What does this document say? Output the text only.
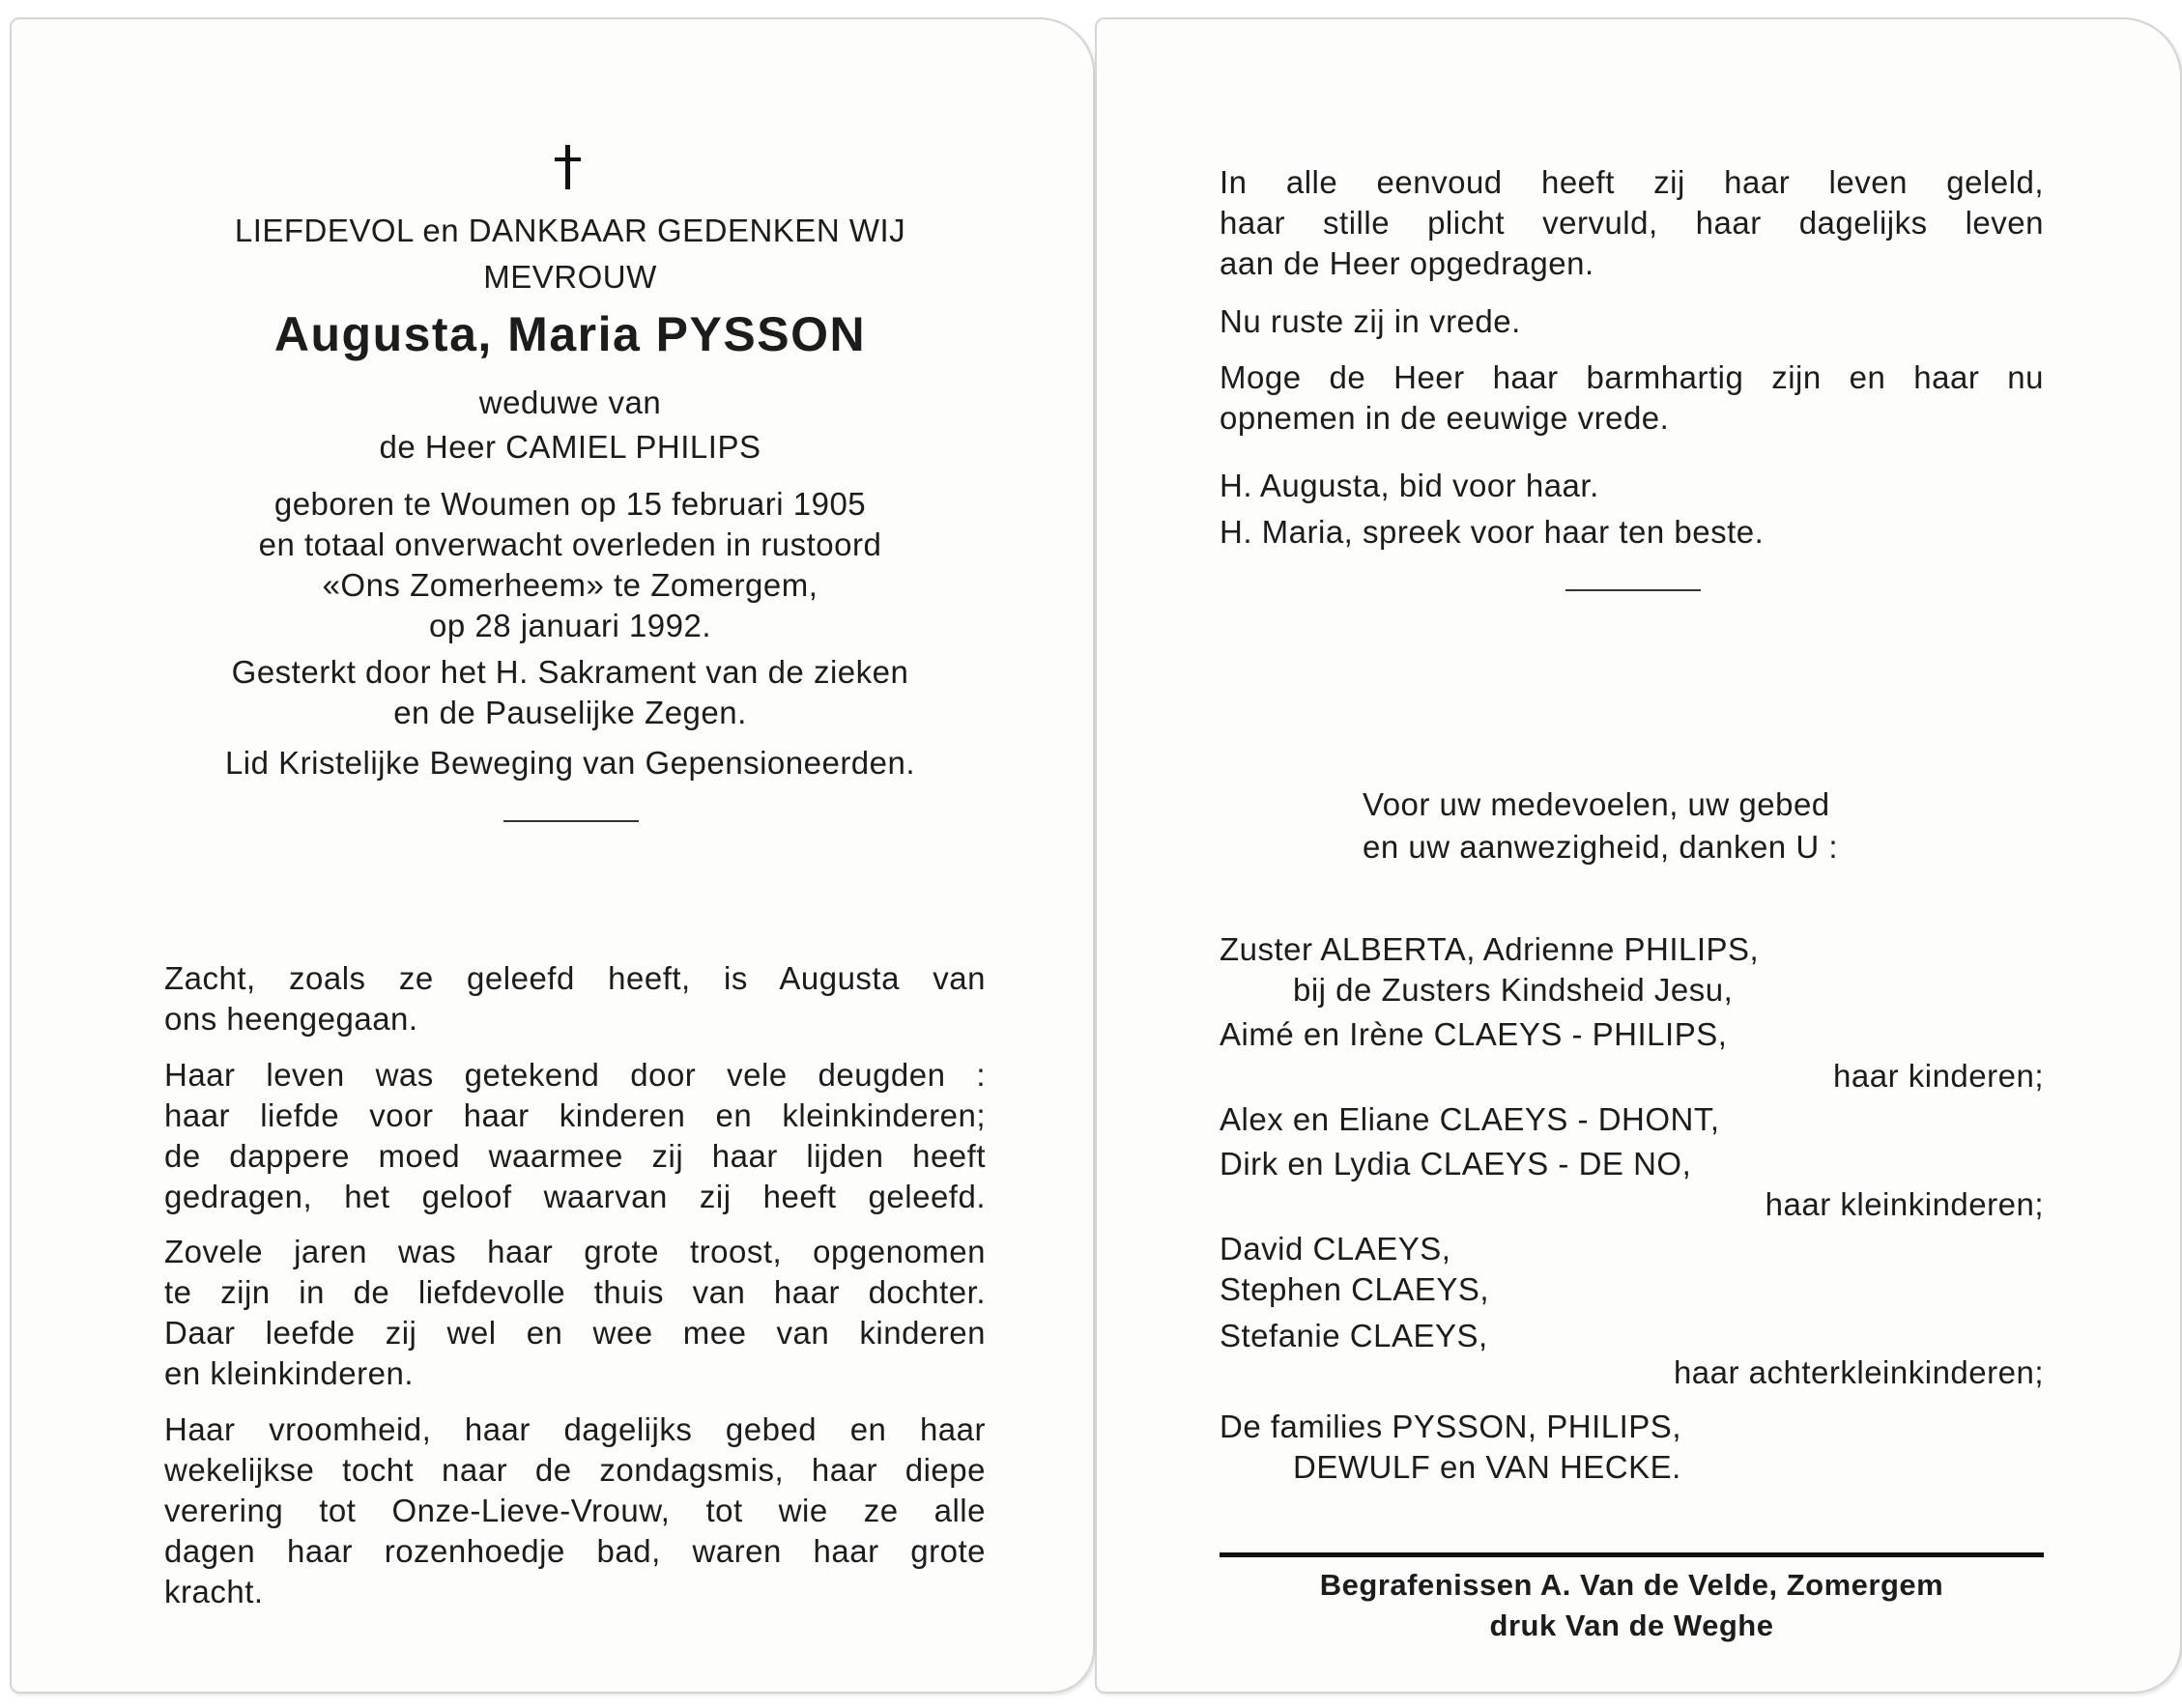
LIEFDEVOL en DANKBAAR GEDENKEN WIJ
MEVROUW
Augusta, Maria PYSSON
weduwe van
de Heer CAMIEL PHILIPS
geboren te Woumen op 15 februari 1905
en totaal onverwacht overleden in rustoord
«Ons Zomerheem» te Zomergem,
op 28 januari 1992.
Gesterkt door het H. Sakrament van de zieken
en de Pauselijke Zegen.
Lid Kristelijke Beweging van Gepensioneerden.
Zacht, zoals ze geleefd heeft, is Augusta van
ons heengegaan.
Haar leven was getekend door vele deugden :
haar liefde voor haar kinderen en kleinkinderen;
de dappere moed waarmee zij haar lijden heeft
gedragen, het geloof waarvan zij heeft geleefd.
Zovele jaren was haar grote troost, opgenomen
te zijn in de liefdevolle thuis van haar dochter.
Daar leefde zij wel en wee mee van kinderen
en kleinkinderen.
Haar vroomheid, haar dagelijks gebed en haar
wekelijkse tocht naar de zondagsmis, haar diepe
verering tot Onze-Lieve-Vrouw, tot wie ze alle
dagen haar rozenhoedje bad, waren haar grote
kracht.
In alle eenvoud heeft zij haar leven geleld,
haar stille plicht vervuld, haar dagelijks leven
aan de Heer opgedragen.
Nu ruste zij in vrede.
Moge de Heer haar barmhartig zijn en haar nu
opnemen in de eeuwige vrede.
H. Augusta, bid voor haar.
H. Maria, spreek voor haar ten beste.
Voor uw medevoelen, uw gebed
en uw aanwezigheid, danken U :
Zuster ALBERTA, Adrienne PHILIPS,
bij de Zusters Kindsheid Jesu,
Aimé en Irène CLAEYS - PHILIPS,
haar kinderen;
Alex en Eliane CLAEYS - DHONT,
Dirk en Lydia CLAEYS - DE NO,
haar kleinkinderen;
David CLAEYS,
Stephen CLAEYS,
Stefanie CLAEYS,
haar achterkleinkinderen;
De families PYSSON, PHILIPS,
DEWULF en VAN HECKE.
Begrafenissen A. Van de Velde, Zomergem
druk Van de Weghe
